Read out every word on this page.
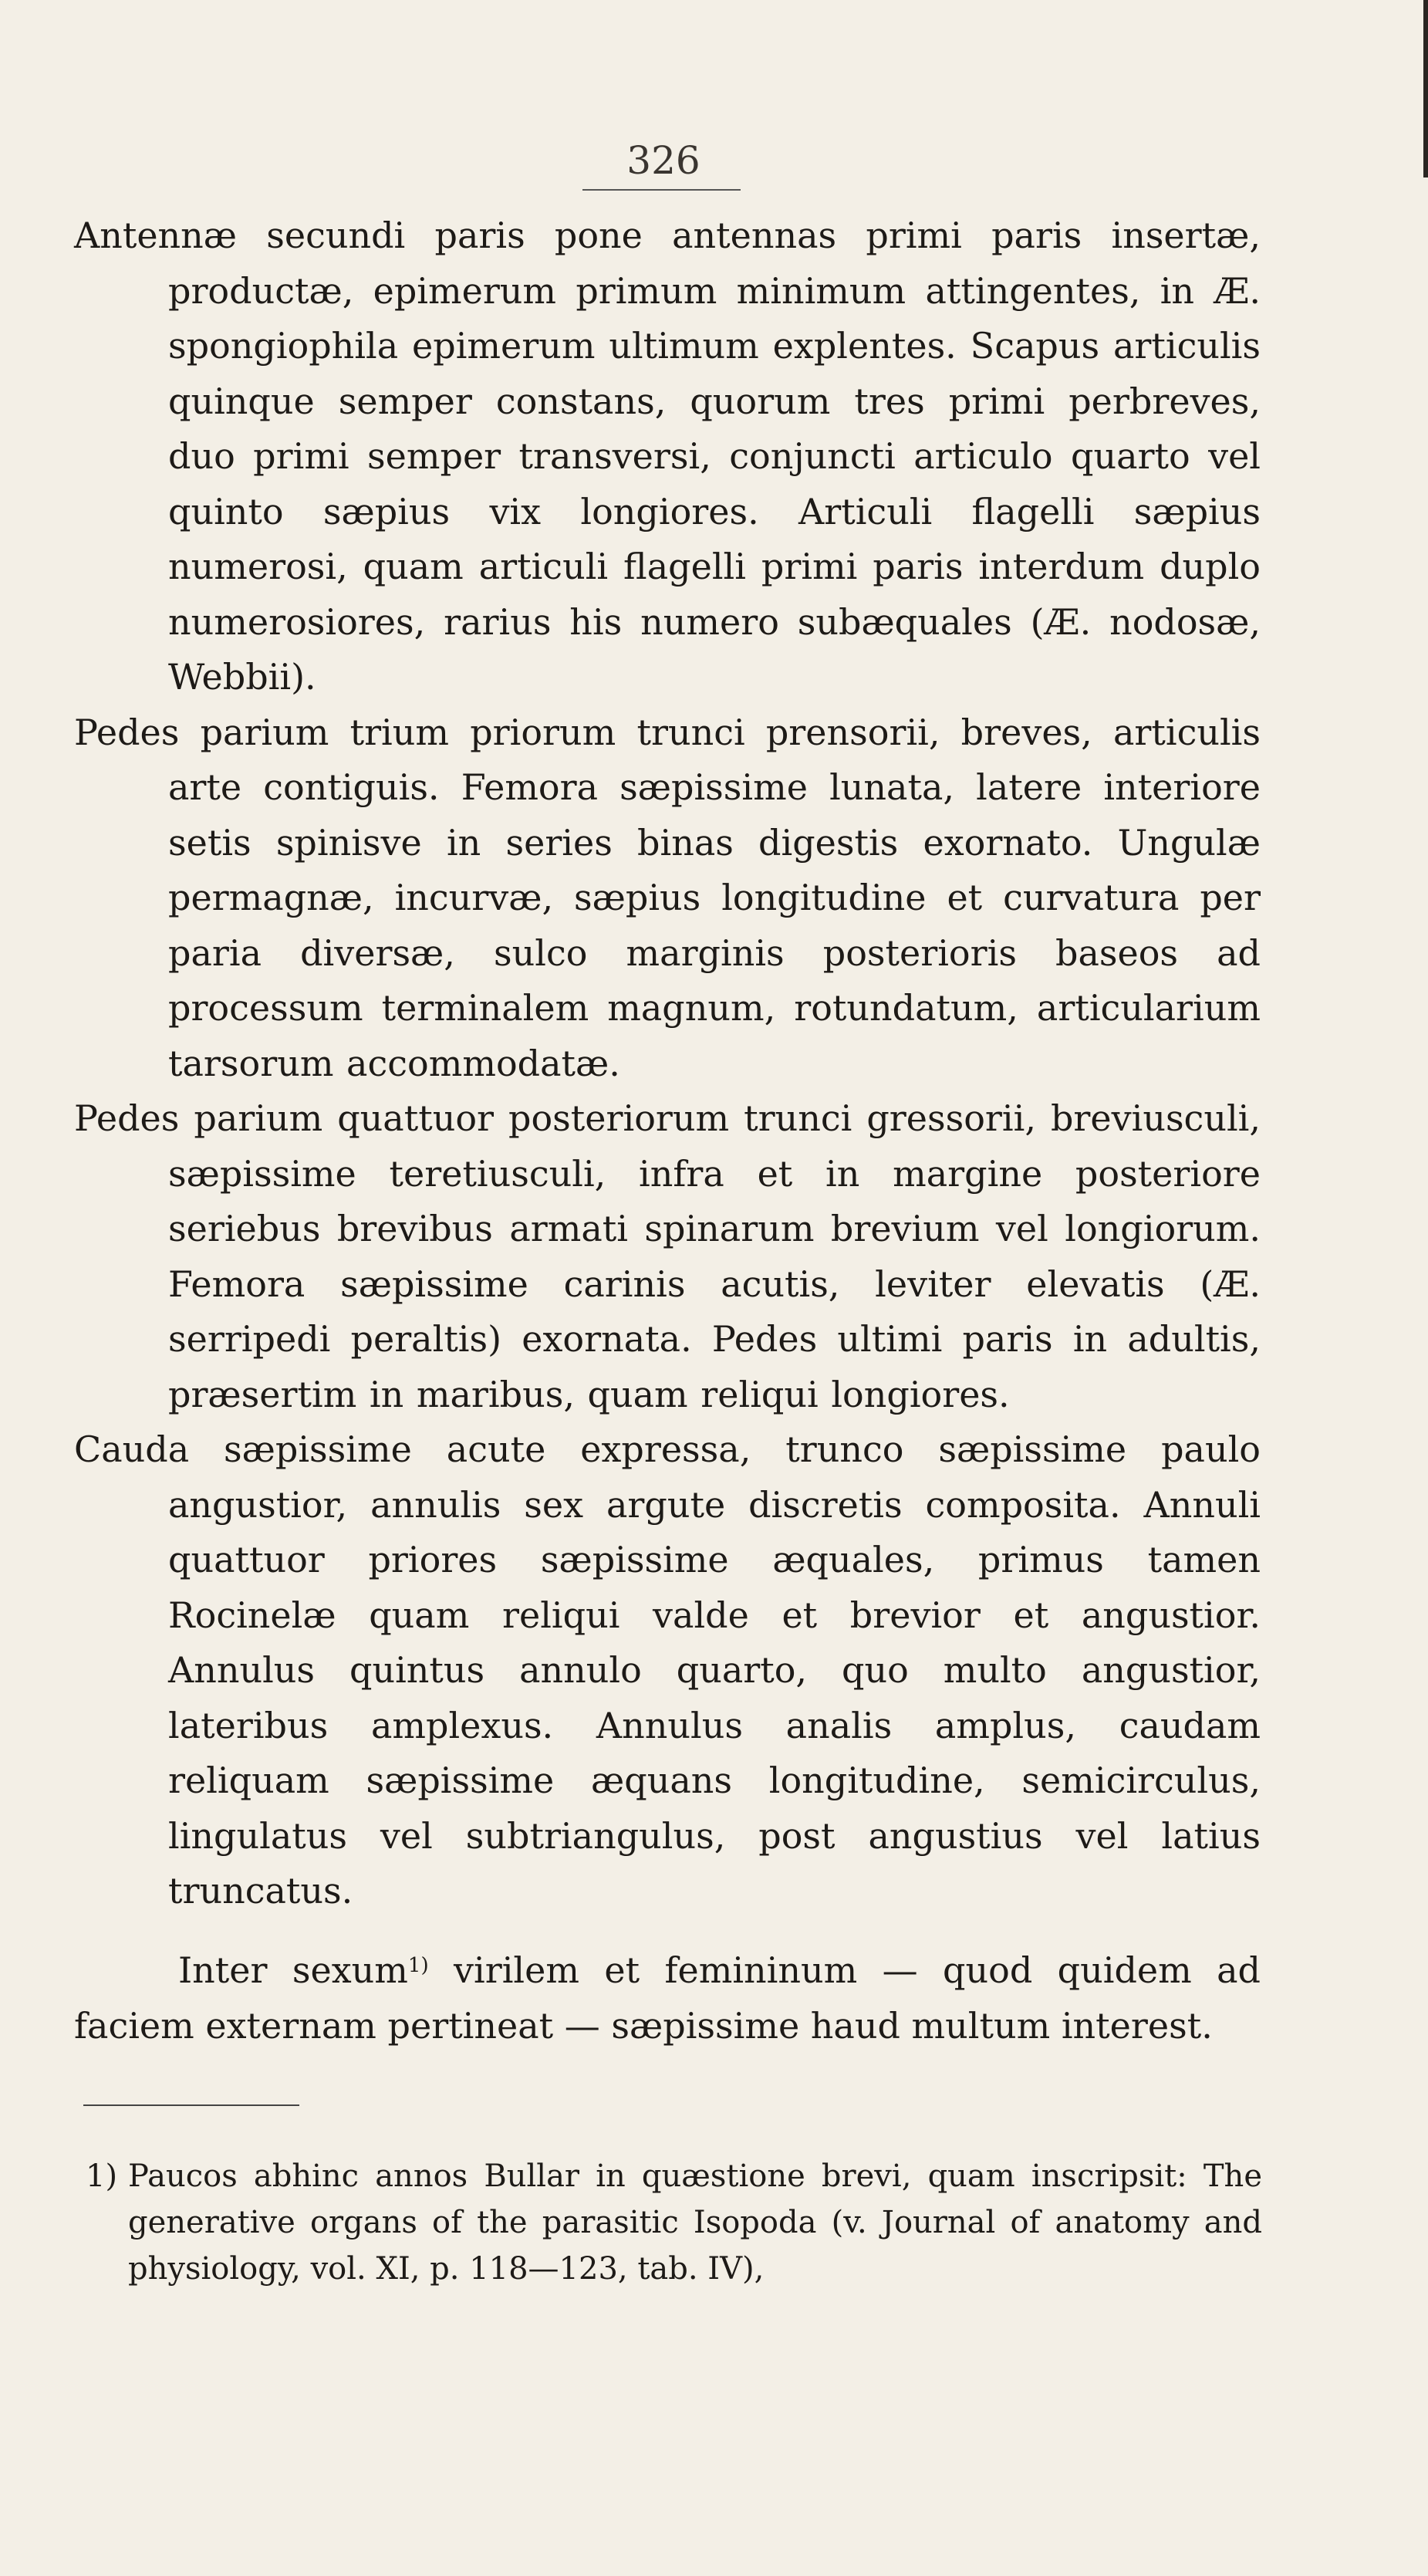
326

Antennæ secundi paris pone antennas primi paris insertæ, productæ, epimerum primum minimum attingentes, in Æ. spongiophila epimerum ultimum explentes. Scapus articulis quinque semper constans, quorum tres primi perbreves, duo primi semper transversi, conjuncti articulo quarto vel quinto sæpius vix longiores. Articuli flagelli sæpius numerosi, quam articuli flagelli primi paris interdum duplo numerosiores, rarius his numero subæquales (Æ. nodosæ, Webbii).

Pedes parium trium priorum trunci prensorii, breves, articulis arte contiguis. Femora sæpissime lunata, latere interiore setis spinisve in series binas digestis exornato. Ungulæ permagnæ, incurvæ, sæpius longitudine et curvatura per paria diversæ, sulco marginis posterioris baseos ad processum terminalem magnum, rotundatum, articularium tarsorum accommodatæ.

Pedes parium quattuor posteriorum trunci gressorii, breviusculi, sæpissime teretiusculi, infra et in margine posteriore seriebus brevibus armati spinarum brevium vel longiorum. Femora sæpissime carinis acutis, leviter elevatis (Æ. serripedi peraltis) exornata. Pedes ultimi paris in adultis, præsertim in maribus, quam reliqui longiores.

Cauda sæpissime acute expressa, trunco sæpissime paulo angustior, annulis sex argute discretis composita. Annuli quattuor priores sæpissime æquales, primus tamen Rocinelæ quam reliqui valde et brevior et angustior. Annulus quintus annulo quarto, quo multo angustior, lateribus amplexus. Annulus analis amplus, caudam reliquam sæpissime æquans longitudine, semicirculus, lingulatus vel subtriangulus, post angustius vel latius truncatus.

Inter sexum$^{1)}$ virilem et femininum — quod quidem ad faciem externam pertineat — sæpissime haud multum interest.

1) Paucos abhinc annos Bullar in quæstione brevi, quam inscripsit: The generative organs of the parasitic Isopoda (v. Journal of anatomy and physiology, vol. XI, p. 118—123, tab. IV),
